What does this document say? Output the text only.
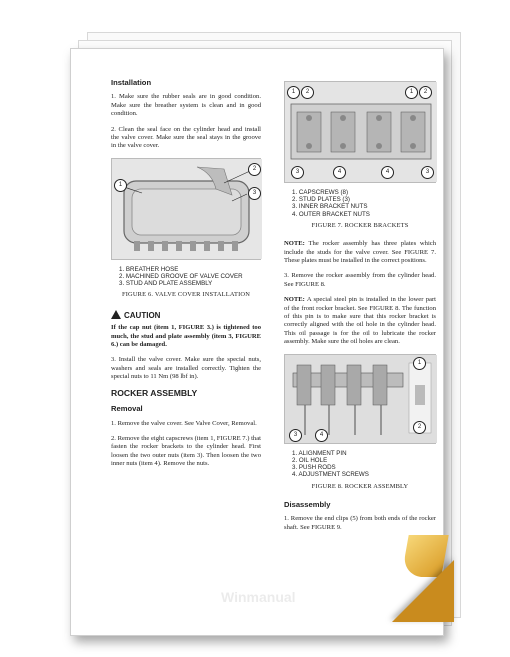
Installation

1. Make sure the rubber seals are in good condition. Make sure the breather system is clean and in good condition.

2. Clean the seal face on the cylinder head and install the valve cover. Make sure the seal stays in the groove in the valve cover.

1
2
3
1. BREATHER HOSE
2. MACHINED GROOVE OF VALVE COVER
3. STUD AND PLATE ASSEMBLY
FIGURE 6. VALVE COVER INSTALLATION
CAUTION

If the cap nut (item 1, FIGURE 3.) is tightened too much, the stud and plate assembly (item 3, FIGURE 6.) can be damaged.

3. Install the valve cover. Make sure the special nuts, washers and seals are installed correctly. Tighten the special nuts to 11 Nm (98 lbf in).

ROCKER ASSEMBLY
Removal

1. Remove the valve cover. See Valve Cover, Removal.

2. Remove the eight capscrews (item 1, FIGURE 7.) that fasten the rocker brackets to the cylinder head. First loosen the two outer nuts (item 3). Then loosen the two inner nuts (item 4). Remove the nuts.

1	2	1	2
3	4	4	3
1. CAPSCREWS (8)
2. STUD PLATES (3)
3. INNER BRACKET NUTS
4. OUTER BRACKET NUTS
FIGURE 7. ROCKER BRACKETS

NOTE: The rocker assembly has three plates which include the studs for the valve cover. See FIGURE 7. These plates must be installed in the correct positions.

3. Remove the rocker assembly from the cylinder head. See FIGURE 8.

NOTE: A special steel pin is installed in the lower part of the front rocker bracket. See FIGURE 8. The function of this pin is to make sure that this rocker bracket is correctly aligned with the oil hole in the cylinder head. This oil passage is for the oil to lubricate the rocker assembly. Make sure the oil holes are clean.

1
2
3	4
1. ALIGNMENT PIN
2. OIL HOLE
3. PUSH RODS
4. ADJUSTMENT SCREWS
FIGURE 8. ROCKER ASSEMBLY
Disassembly

1. Remove the end clips (5) from both ends of the rocker shaft. See FIGURE 9.

Winmanual
